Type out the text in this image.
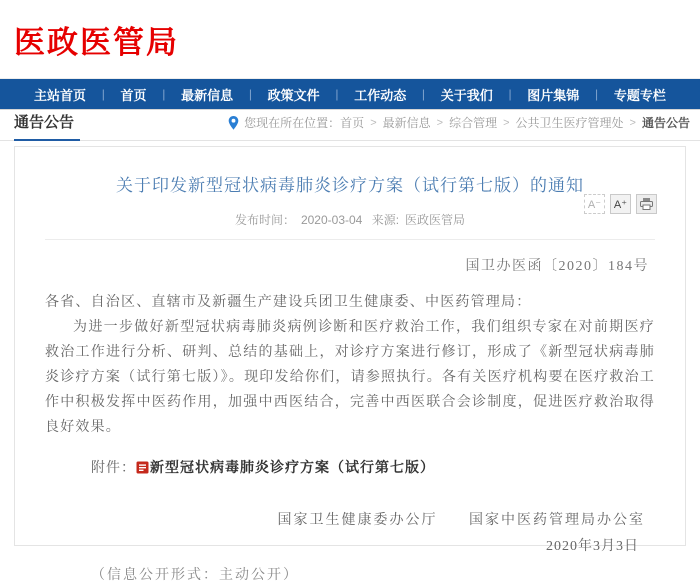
医政医管局
主站首页 | 首页 | 最新信息 | 政策文件 | 工作动态 | 关于我们 | 图片集锦 | 专题专栏
通告公告	您现在所在位置： 首页 > 最新信息 > 综合管理 > 公共卫生医疗管理处 > 通告公告
关于印发新型冠状病毒肺炎诊疗方案（试行第七版）的通知
发布时间： 2020-03-04 来源: 医政医管局
A⁻	A⁺
国卫办医函〔2020〕184号

各省、自治区、直辖市及新疆生产建设兵团卫生健康委、中医药管理局：

为进一步做好新型冠状病毒肺炎病例诊断和医疗救治工作，我们组织专家在对前期医疗救治工作进行分析、研判、总结的基础上，对诊疗方案进行修订，形成了《新型冠状病毒肺炎诊疗方案（试行第七版）》。现印发给你们，请参照执行。各有关医疗机构要在医疗救治工作中积极发挥中医药作用，加强中西医结合，完善中西医联合会诊制度，促进医疗救治取得良好效果。

附件： 新型冠状病毒肺炎诊疗方案（试行第七版）
国家卫生健康委办公厅 国家中医药管理局办公室
2020年3月3日
（信息公开形式：主动公开）
